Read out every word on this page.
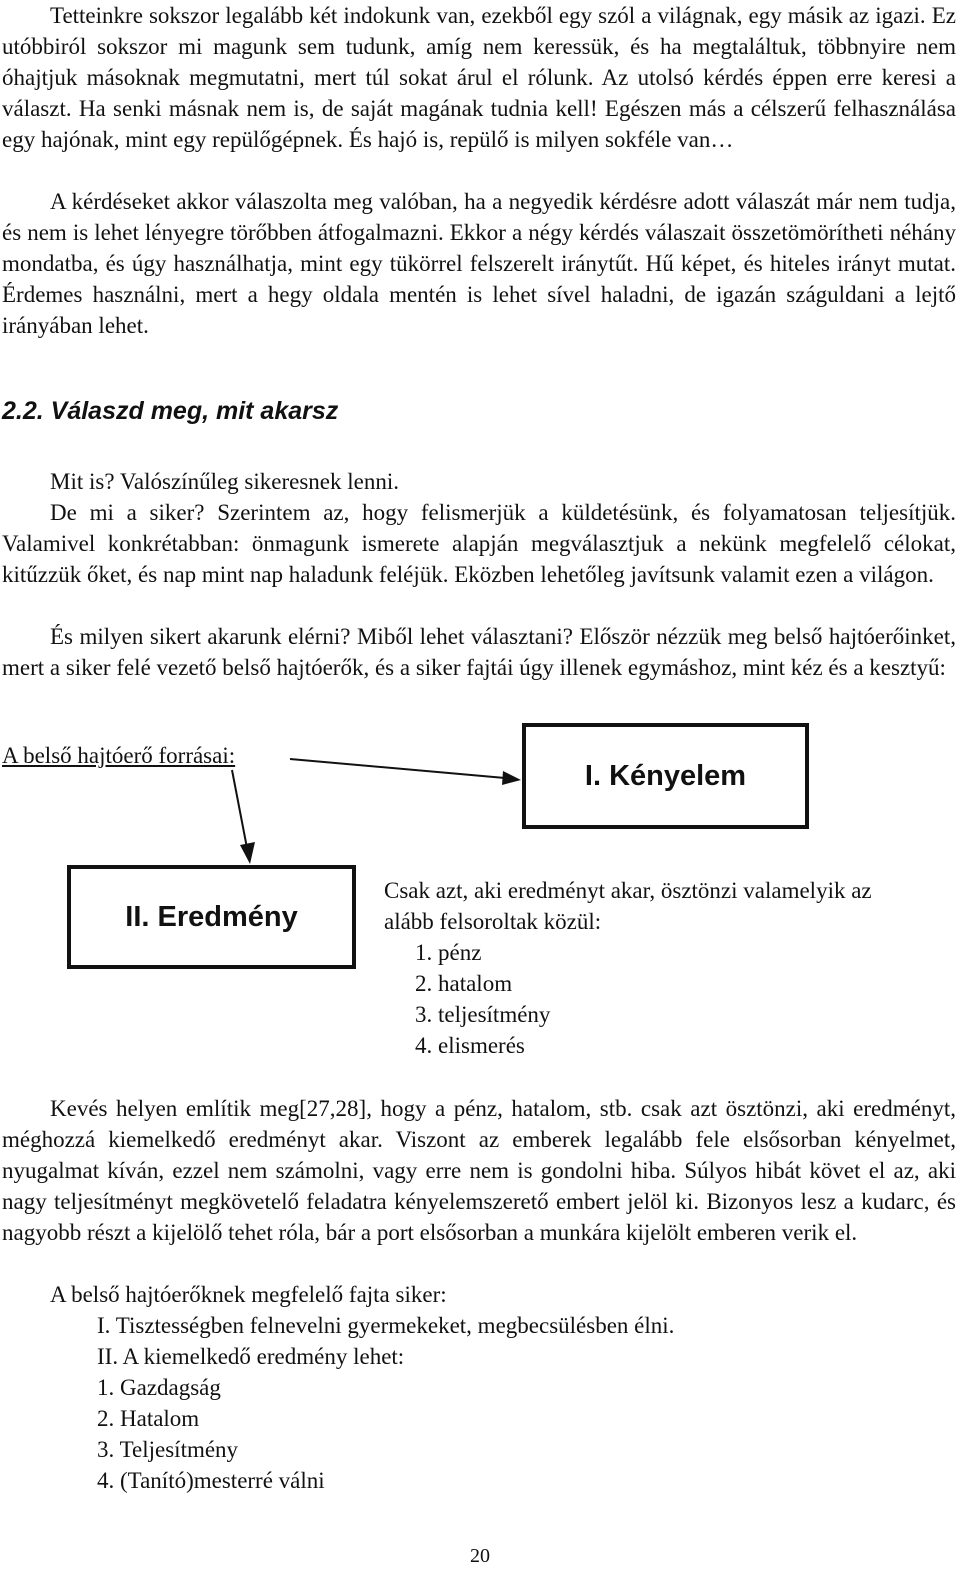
Tetteinkre sokszor legalább két indokunk van, ezekből egy szól a világnak, egy másik az igazi. Ez utóbbiról sokszor mi magunk sem tudunk, amíg nem keressük, és ha megtaláltuk, többnyire nem óhajtjuk másoknak megmutatni, mert túl sokat árul el rólunk. Az utolsó kérdés éppen erre keresi a választ. Ha senki másnak nem is, de saját magának tudnia kell! Egészen más a célszerű felhasználása egy hajónak, mint egy repülőgépnek. És hajó is, repülő is milyen sokféle van…

A kérdéseket akkor válaszolta meg valóban, ha a negyedik kérdésre adott válaszát már nem tudja, és nem is lehet lényegre törőbben átfogalmazni. Ekkor a négy kérdés válaszait összetömörítheti néhány mondatba, és úgy használhatja, mint egy tükörrel felszerelt iránytűt. Hű képet, és hiteles irányt mutat. Érdemes használni, mert a hegy oldala mentén is lehet sível haladni, de igazán száguldani a lejtő irányában lehet.

2.2. Válaszd meg, mit akarsz

Mit is? Valószínűleg sikeresnek lenni.

De mi a siker? Szerintem az, hogy felismerjük a küldetésünk, és folyamatosan teljesítjük. Valamivel konkrétabban: önmagunk ismerete alapján megválasztjuk a nekünk megfelelő célokat, kitűzzük őket, és nap mint nap haladunk feléjük. Eközben lehetőleg javítsunk valamit ezen a világon.

És milyen sikert akarunk elérni? Miből lehet választani? Először nézzük meg belső hajtóerőinket, mert a siker felé vezető belső hajtóerők, és a siker fajtái úgy illenek egymáshoz, mint kéz és a kesztyű:

A belső hajtóerő forrásai:
I. Kényelem
II. Eredmény
Csak azt, aki eredményt akar, ösztönzi valamelyik az
alább felsoroltak közül:
1. pénz
2. hatalom
3. teljesítmény
4. elismerés

Kevés helyen említik meg[27,28], hogy a pénz, hatalom, stb. csak azt ösztönzi, aki eredményt, méghozzá kiemelkedő eredményt akar. Viszont az emberek legalább fele elsősorban kényelmet, nyugalmat kíván, ezzel nem számolni, vagy erre nem is gondolni hiba. Súlyos hibát követ el az, aki nagy teljesítményt megkövetelő feladatra kényelemszerető embert jelöl ki. Bizonyos lesz a kudarc, és nagyobb részt a kijelölő tehet róla, bár a port elsősorban a munkára kijelölt emberen verik el.

A belső hajtóerőknek megfelelő fajta siker:

I. Tisztességben felnevelni gyermekeket, megbecsülésben élni.
II. A kiemelkedő eredmény lehet:
1. Gazdagság
2. Hatalom
3. Teljesítmény
4. (Tanító)mesterré válni
20
